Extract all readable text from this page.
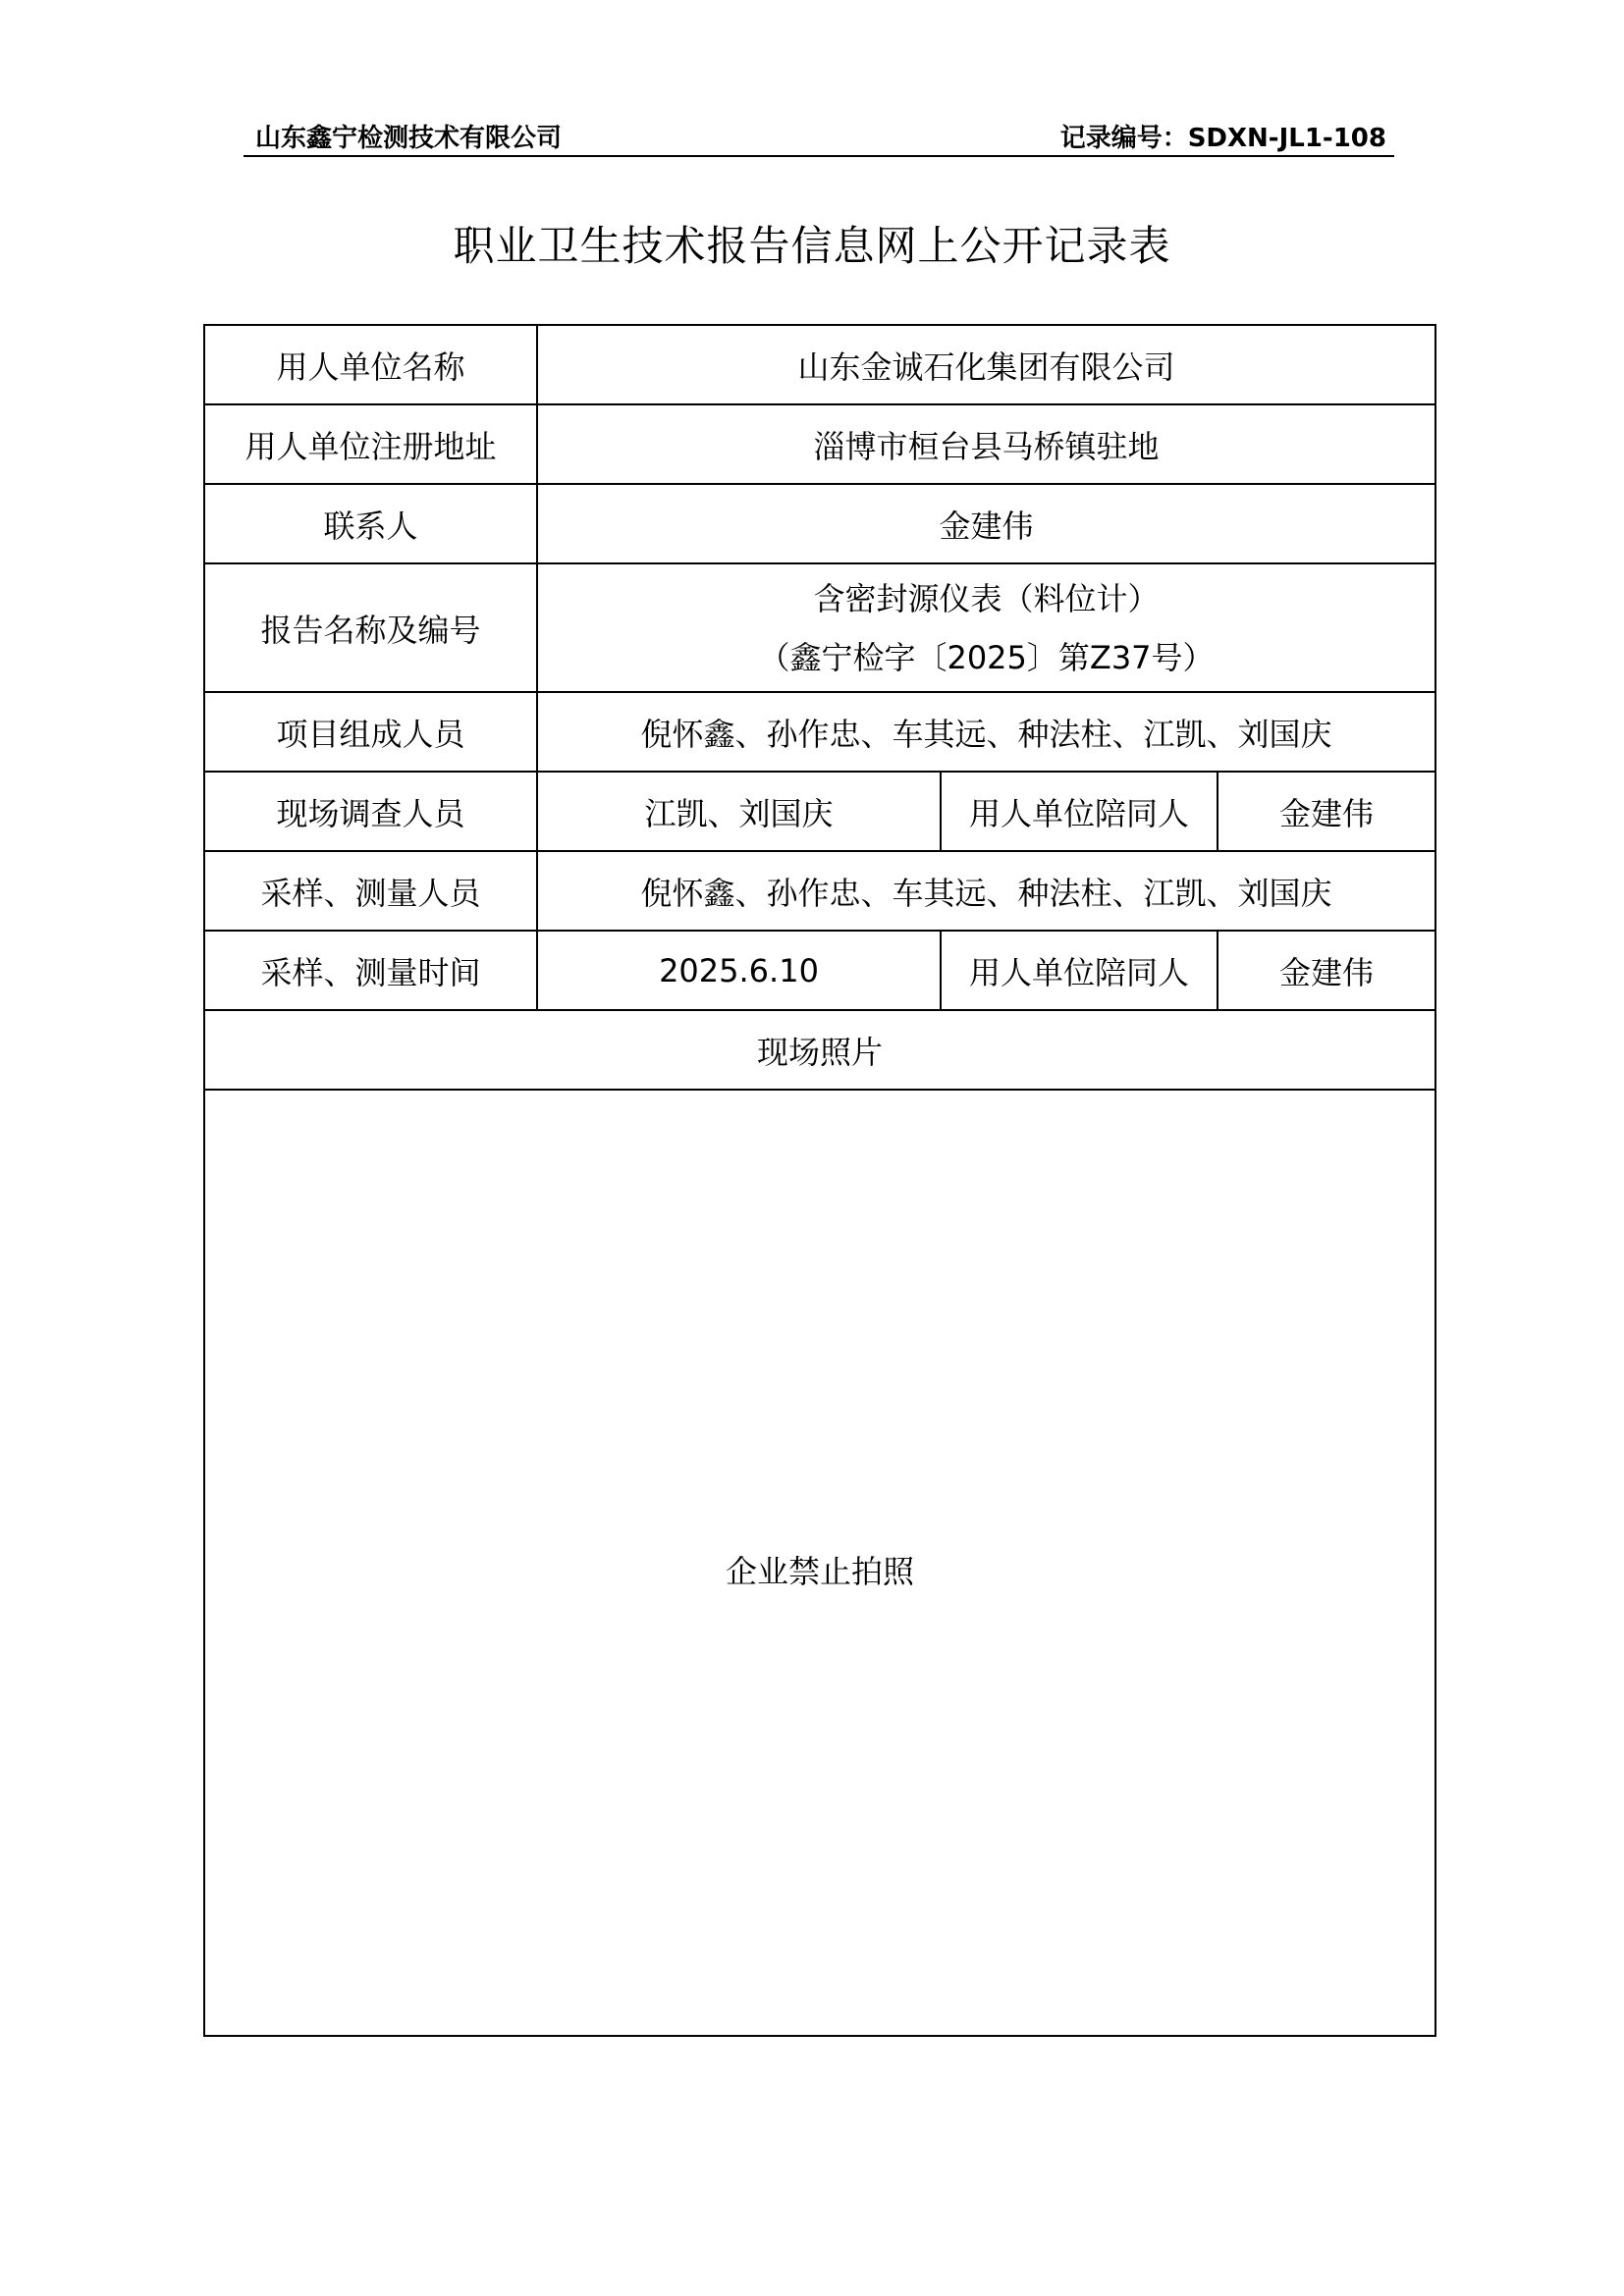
山东鑫宁检测技术有限公司	记录编号：SDXN-JL1-108
职业卫生技术报告信息网上公开记录表
用人单位名称	山东金诚石化集团有限公司		
用人单位注册地址	淄博市桓台县马桥镇驻地		
联系人	金建伟		
报告名称及编号	含密封源仪表（料位计）
（鑫宁检字〔2025〕第Z37号）		

项目组成人员	倪怀鑫、孙作忠、车其远、种法柱、江凯、刘国庆		
现场调查人员	江凯、刘国庆	用人单位陪同人	金建伟
采样、测量人员	倪怀鑫、孙作忠、车其远、种法柱、江凯、刘国庆		
采样、测量时间	2025.6.10	用人单位陪同人	金建伟
现场照片			

企业禁止拍照			
